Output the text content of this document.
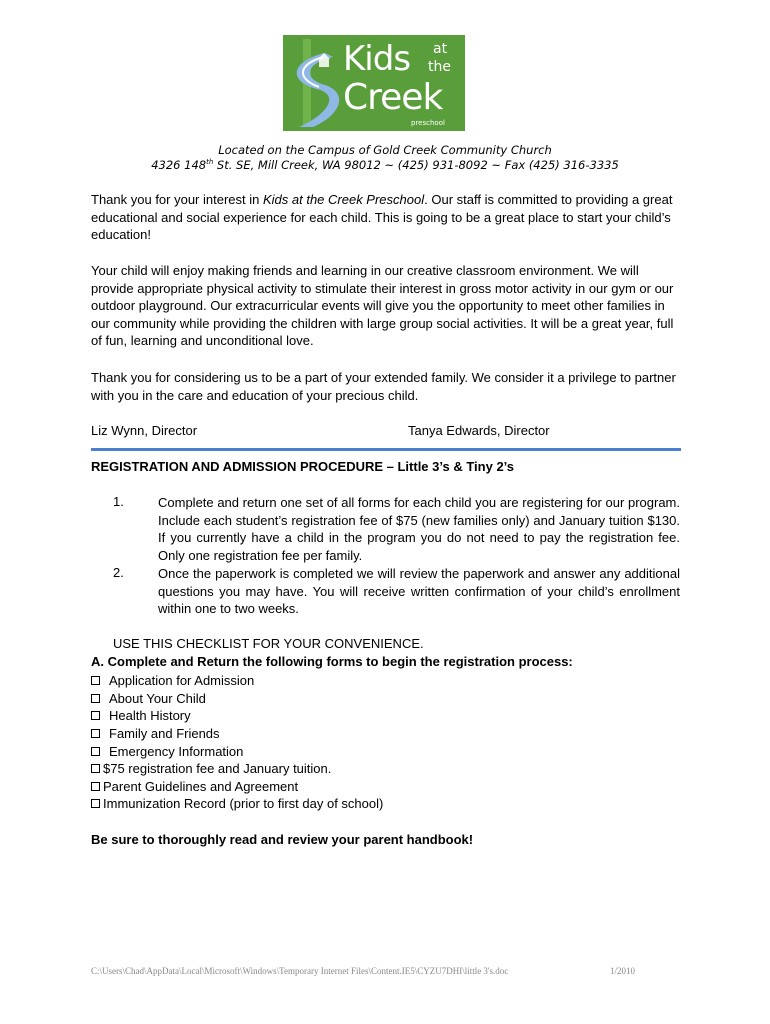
Kids at
the
Creek
preschool
Located on the Campus of Gold Creek Community Church
4326 148th St. SE, Mill Creek, WA 98012 ~ (425) 931-8092 ~ Fax (425) 316-3335
Thank you for your interest in Kids at the Creek Preschool. Our staff is committed to providing a great educational and social experience for each child. This is going to be a great place to start your child’s education!
Your child will enjoy making friends and learning in our creative classroom environment. We will provide appropriate physical activity to stimulate their interest in gross motor activity in our gym or our outdoor playground. Our extracurricular events will give you the opportunity to meet other families in our community while providing the children with large group social activities. It will be a great year, full of fun, learning and unconditional love.
Thank you for considering us to be a part of your extended family. We consider it a privilege to partner with you in the care and education of your precious child.
Liz Wynn, Director	Tanya Edwards, Director
REGISTRATION AND ADMISSION PROCEDURE – Little 3’s & Tiny 2’s
1.	Complete and return one set of all forms for each child you are registering for our program. Include each student’s registration fee of $75 (new families only) and January tuition $130. If you currently have a child in the program you do not need to pay the registration fee. Only one registration fee per family.
2.	Once the paperwork is completed we will review the paperwork and answer any additional questions you may have. You will receive written confirmation of your child’s enrollment within one to two weeks.
USE THIS CHECKLIST FOR YOUR CONVENIENCE.
A. Complete and Return the following forms to begin the registration process:
Application for Admission
About Your Child
Health History
Family and Friends
Emergency Information
$75 registration fee and January tuition.
Parent Guidelines and Agreement
Immunization Record (prior to first day of school)
Be sure to thoroughly read and review your parent handbook!
C:\Users\Chad\AppData\Local\Microsoft\Windows\Temporary Internet Files\Content.IE5\CYZU7DHI\little 3's.doc	1/2010
